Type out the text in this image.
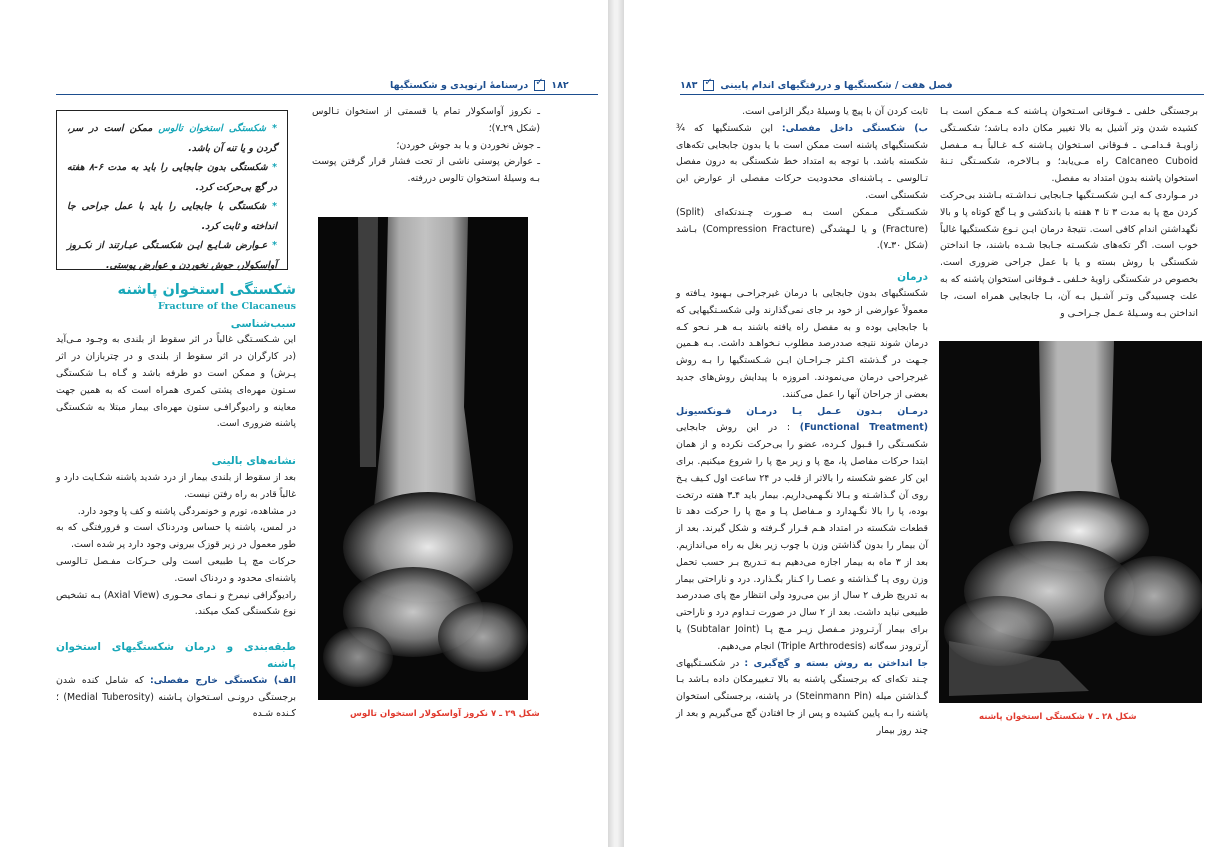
۱۸۲
✓
درسنامهٔ ارتوپدی و شکستگیها

ـ نکروز آواسکولار تمام یا قسمتی از استخوان تـالوس (شکل ۲۹ـ۷)؛

ـ جوش نخوردن و یا بد جوش خوردن؛

ـ عوارض پوستی ناشی از تحت فشار قرار گرفتن پوست بـه وسیلهٔ استخوان تالوس دررفته.

شکل ۲۹ ـ ۷ نکروز آواسکولار استخوان تالوس
* شکستگی استخوان تالوس ممکن است در سر، گردن و یا تنه آن باشد.
* شکستگی بدون جابجایی را باید به مدت ۶-۸ هفته در گچ بی‌حرکت کرد.
* شکستگی با جابجایی را باید با عمل جراحی جا انداخته و ثابت کرد.
* عـوارض شـایـع ایـن شکسـتگی عبـارتند از نکـروز آواسکولار، جوش نخوردن و عوارض پوستی.

شکستگی استخوان پاشنه

Fracture of the Clacaneus

سبب‌شناسی

این شـکسـتگی غالباً در اثر سقوط از بلندی به وجـود مـی‌آید (در کارگران در اثر سقوط از بلندی و در چتربازان در اثر پـرش) و ممکن است دو طرفه باشد و گـاه بـا شکستگی سـتون مهره‌ای پشتی کمری همراه است که به همین جهت معاینه و رادیوگرافـی ستون مهره‌ای بیمار مبتلا به شکستگی پاشنه ضروری است.

نشانه‌های بالینی

بعد از سقوط از بلندی بیمار از درد شدید پاشنه شکـایت دارد و غالباً قادر به راه رفتن نیست.

در مشاهده، تورم و خونمردگی پاشنه و کف پا وجود دارد.

در لمس، پاشنه پا حساس ودردناک است و فرورفتگی که به طور معمول در زیر قوزک بیرونی وجود دارد پر شده است.

حرکات مچ پـا طبیعی است ولی حـرکات مفـصل تـالوسی پاشنه‌ای محدود و دردناک است.

رادیوگرافی نیمرخ و نـمای محـوری (Axial View) بـه تشخیص نوع شکستگی کمک میکند.

طبقه‌بندی و درمان شکستگیهای استخوان پاشنه

الف) شکستگی خارج مفصلی: که شامل کنده شدن برجستگی درونـی اسـتخوان پـاشنه (Medial Tuberosity) ؛ کـنده شـده

فصل هفت / شکستگیها و دررفتگیهای اندام پایینی
✓
۱۸۳

برجستگی خلفی ـ فـوقانی اسـتخوان پـاشنه کـه مـمکن است بـا کشیده شدن وتر آشیل به بالا تغییر مکان داده بـاشد؛ شکسـتگی زاویـهٔ قـدامـی ـ فـوقانی اسـتخوان پـاشنه کـه غـالباً بـه مـفصل Calcaneo Cuboid راه مـی‌یابد؛ و بـالاخره، شکسـتگی تـنهٔ استخوان پاشنه بدون امتداد به مفصل.

در مـواردی کـه ایـن شکسـتگیها جـابجایی نـداشـته بـاشند بی‌حرکت کردن مچ پا به مدت ۳ تا ۴ هفته با باندکشی و یـا گچ کوتاه پا و بالا نگهداشتن اندام کافی است. نتیجهٔ درمان ایـن نـوع شکستگیها غالباً خوب است. اگر تکه‌های شکسـته جـابجا شـده باشند، جا انداختن شکستگی با روش بسته و یا با عمل جراحی ضروری است. بخصوص در شکستگی زاویهٔ خـلفی ـ فـوقانی استخوان پاشنه که به علت چسبیدگی وتـر آشـیل بـه آن، بـا جابجایی همراه است، جا انداختن بـه وسـیلهٔ عـمل جـراحـی و

شکل ۲۸ ـ ۷ شکستگی استخوان پاشنه

ثابت کردن آن با پیچ یا وسیلهٔ دیگر الزامی است.

ب) شکستگی داخل مفصلی: این شکستگیها که ¾ شکستگیهای پاشنه است ممکن است با یا بدون جابجایی تکه‌های شکسته باشد. با توجه به امتداد خط شکستگی به درون مفصل تـالوسی ـ پـاشنه‌ای محدودیت حرکات مفصلی از عوارض این شکستگی است.

شکسـتگی مـمکن است بـه صـورت چـندتکه‌ای (Split) (Fracture) و یا لـهشدگی (Compression Fracture) بـاشد (شکل ۳۰ـ۷).

درمان

شکستگیهای بدون جابجایی با درمان غیرجراحـی بـهبود یـافته و معمولاً عوارضی از خود بر جای نمی‌گذارند ولی شکسـتگیهایی که با جابجایی بوده و به مفصل راه یافته باشند بـه هـر نـحو کـه درمان شوند نتیجه صددرصد مطلوب نـخواهـد داشت. بـه هـمین جـهت در گـذشته اکـثر جـراحـان ایـن شـکستگیها را بـه روش غیرجراحی درمان می‌نمودند. امروزه با پیدایش روش‌های جدید بعضی از جراحان آنها را عمل می‌کنند.

درمـان بـدون عـمل یـا درمـان فـونکسیونل (Functional Treatment) : در این روش جابجایی شکسـتگی را قـبول کـرده، عضو را بی‌حرکت نکرده و از همان ابتدا حرکات مفاصل پا، مچ پا و زیر مچ پا را شروع میکنیم. برای این کار عضو شکسته را بالاتر از قلب در ۲۴ ساعت اول کـیف یـخ روی آن گـذاشـته و بـالا نگـهمی‌داریم. بیمار باید ۴ـ۳ هفته درتخت بوده، پا را بالا نگـهدارد و مـفاصل پـا و مچ پا را حرکت دهد تا قطعات شکسته در امتداد هـم قـرار گـرفته و شکل گیرند. بعد از آن بیمار را بدون گذاشتن وزن با چوب زیر بغل به راه می‌اندازیم. بعد از ۳ ماه به بیمار اجازه می‌دهیم بـه تـدریج بـر حسب تحمل وزن روی پـا گـذاشته و عصـا را کـنار بگـذارد. درد و ناراحتی بیمار به تدریج ظرف ۲ سال از بین می‌رود ولی انتظار مچ پای صددرصد طبیعی نباید داشت. بعد از ۲ سال در صورت تـداوم درد و ناراحتی برای بیمار آرتـرودز مـفصل زیـر مـچ پـا (Subtalar Joint) یا آرترودز سه‌گانه (Triple Arthrodesis) انجام می‌دهیم.

جا انداختن به روش بسته و گچ‌گیری : در شکسـتگیهای چـند تکه‌ای که برجستگی پاشنه به بالا تـغییرمکان داده بـاشد بـا گـذاشتن میله (Steinmann Pin) در پاشنه، برجستگی استخوان پاشنه را بـه پایین کشیده و پس از جا افتادن گچ می‌گیریم و بعد از چند روز بیمار
